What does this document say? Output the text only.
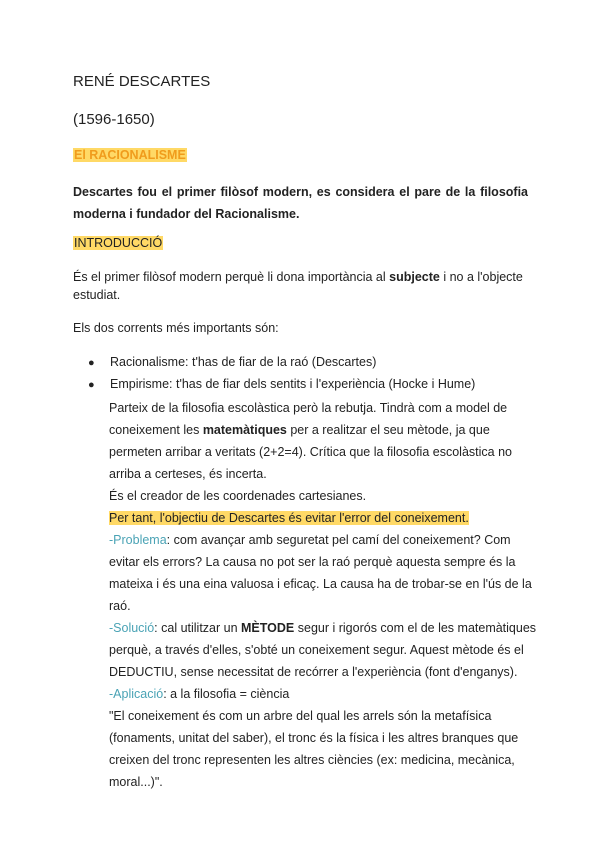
RENÉ DESCARTES
(1596-1650)
El RACIONALISME
Descartes fou el primer filòsof modern, es considera el pare de la filosofia moderna i fundador del Racionalisme.
INTRODUCCIÓ
És el primer filòsof modern perquè li dona importància al subjecte i no a l'objecte estudiat.
Els dos corrents més importants són:
● Racionalisme: t'has de fiar de la raó (Descartes)
● Empirisme: t'has de fiar dels sentits i l'experiència (Hocke i Hume)
Parteix de la filosofia escolàstica però la rebutja. Tindrà com a model de
coneixement les matemàtiques per a realitzar el seu mètode, ja que
permeten arribar a veritats (2+2=4). Crítica que la filosofia escolàstica no
arriba a certeses, és incerta.
És el creador de les coordenades cartesianes.
Per tant, l'objectiu de Descartes és evitar l'error del coneixement.
-Problema: com avançar amb seguretat pel camí del coneixement? Com
evitar els errors? La causa no pot ser la raó perquè aquesta sempre és la
mateixa i és una eina valuosa i eficaç. La causa ha de trobar-se en l'ús de la
raó.
-Solució: cal utilitzar un MÈTODE segur i rigorós com el de les matemàtiques
perquè, a través d'elles, s'obté un coneixement segur. Aquest mètode és el
DEDUCTIU, sense necessitat de recórrer a l'experiència (font d'enganys).
-Aplicació: a la filosofia = ciència
"El coneixement és com un arbre del qual les arrels són la metafísica
(fonaments, unitat del saber), el tronc és la física i les altres branques que
creixen del tronc representen les altres ciències (ex: medicina, mecànica,
moral...)".
